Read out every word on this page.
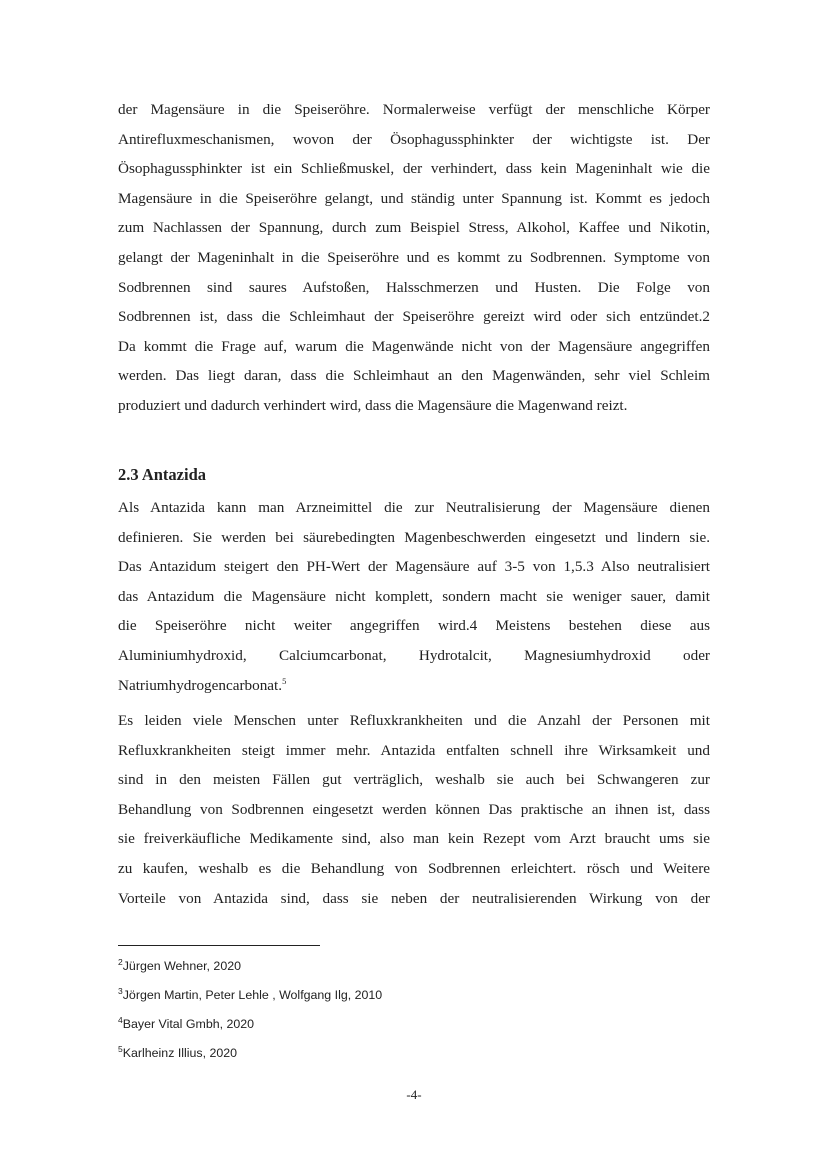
der Magensäure in die Speiseröhre. Normalerweise verfügt der menschliche Körper
Antirefluxmeschanismen, wovon der Ösophagussphinkter der wichtigste ist. Der
Ösophagussphinkter ist ein Schließmuskel, der verhindert, dass kein Mageninhalt wie die
Magensäure in die Speiseröhre gelangt, und ständig unter Spannung ist. Kommt es jedoch
zum Nachlassen der Spannung, durch zum Beispiel Stress, Alkohol, Kaffee und Nikotin,
gelangt der Mageninhalt in die Speiseröhre und es kommt zu Sodbrennen. Symptome von
Sodbrennen sind saures Aufstoßen, Halsschmerzen und Husten. Die Folge von
Sodbrennen ist, dass die Schleimhaut der Speiseröhre gereizt wird oder sich entzündet.2
Da kommt die Frage auf, warum die Magenwände nicht von der Magensäure angegriffen
werden. Das liegt daran, dass die Schleimhaut an den Magenwänden, sehr viel Schleim
produziert und dadurch verhindert wird, dass die Magensäure die Magenwand reizt.

2.3 Antazida

Als Antazida kann man Arzneimittel die zur Neutralisierung der Magensäure dienen
definieren. Sie werden bei säurebedingten Magenbeschwerden eingesetzt und lindern sie.
Das Antazidum steigert den PH-Wert der Magensäure auf 3-5 von 1,5.3 Also neutralisiert
das Antazidum die Magensäure nicht komplett, sondern macht sie weniger sauer, damit
die Speiseröhre nicht weiter angegriffen wird.4 Meistens bestehen diese aus
Aluminiumhydroxid, Calciumcarbonat, Hydrotalcit, Magnesiumhydroxid oder
Natriumhydrogencarbonat.$^5$

Es leiden viele Menschen unter Refluxkrankheiten und die Anzahl der Personen mit
Refluxkrankheiten steigt immer mehr. Antazida entfalten schnell ihre Wirksamkeit und
sind in den meisten Fällen gut verträglich, weshalb sie auch bei Schwangeren zur
Behandlung von Sodbrennen eingesetzt werden können Das praktische an ihnen ist, dass
sie freiverkäufliche Medikamente sind, also man kein Rezept vom Arzt braucht ums sie
zu kaufen, weshalb es die Behandlung von Sodbrennen erleichtert. rösch und Weitere
Vorteile von Antazida sind, dass sie neben der neutralisierenden Wirkung von der

$^2$Jürgen Wehner, 2020

$^3$Jörgen Martin, Peter Lehle , Wolfgang Ilg, 2010

$^4$Bayer Vital Gmbh, 2020

$^5$Karlheinz Illius, 2020

-4-
